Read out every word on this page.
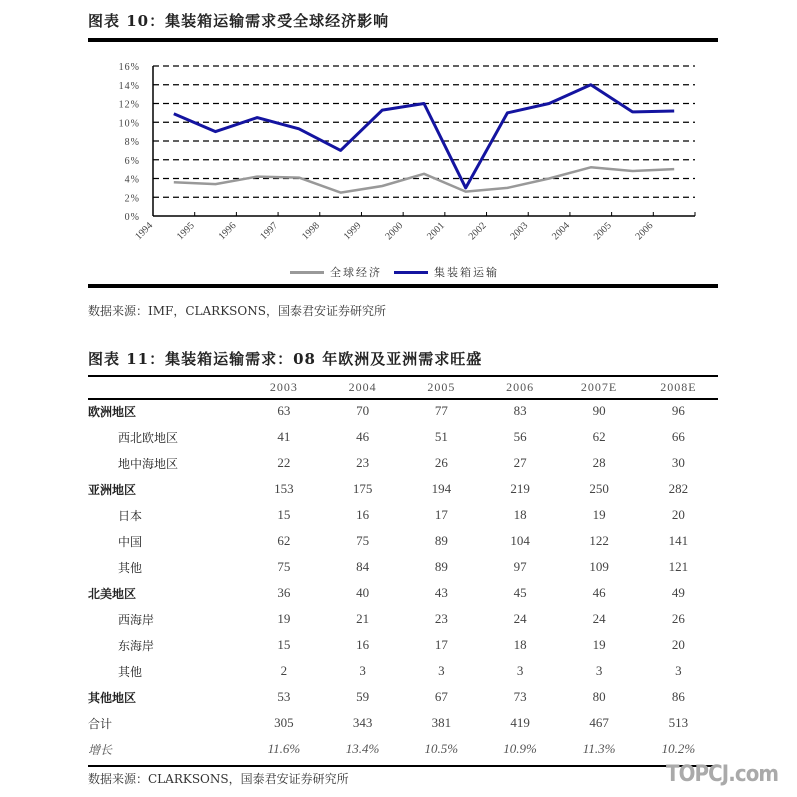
图表 10：集装箱运输需求受全球经济影响
0%
2%
4%
6%
8%
10%
12%
14%
16%
1994 1995 1996 1997 1998 1999 2000 2001 2002 2003 2004 2005 2006
全球经济	集装箱运输
数据来源：IMF，CLARKSONS，国泰君安证券研究所
图表 11：集装箱运输需求：08 年欧洲及亚洲需求旺盛
	2003	2004	2005	2006	2007E	2008E
欧洲地区	63	70	77	83	90	96
西北欧地区	41	46	51	56	62	66
地中海地区	22	23	26	27	28	30
亚洲地区	153	175	194	219	250	282
日本	15	16	17	18	19	20
中国	62	75	89	104	122	141
其他	75	84	89	97	109	121
北美地区	36	40	43	45	46	49
西海岸	19	21	23	24	24	26
东海岸	15	16	17	18	19	20
其他	2	3	3	3	3	3
其他地区	53	59	67	73	80	86
合计	305	343	381	419	467	513
增长	11.6%	13.4%	10.5%	10.9%	11.3%	10.2%
数据来源：CLARKSONS，国泰君安证券研究所	TOPCJ.com
